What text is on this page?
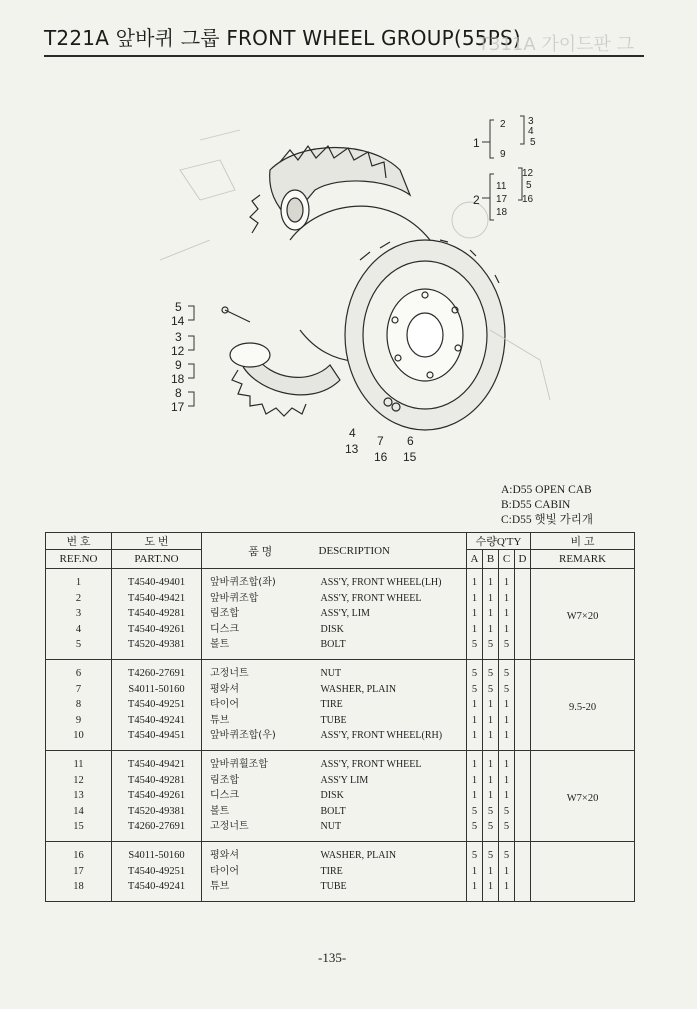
T221A 앞바퀴 그룹 FRONT WHEEL GROUP(55PS)
T311A 가이드판 그
5
14
3
12
9
18
8
17
4
13
7
16
6
15
1
2 3
4
5
9
2
11
12
5
17 16
18
A:D55 OPEN CAB
B:D55 CABIN
C:D55 햇빛 가리개
번 호	도 번	품 명	DESCRIPTION	수량Q'TY				비 고
REF.NO	PART.NO			A	B	C	D	REMARK
1	T4540-49401	앞바퀴조합(좌)	ASS'Y, FRONT WHEEL(LH)	1	1	1		W7×20
2	T4540-49421	앞바퀴조합	ASS'Y, FRONT WHEEL	1	1	1		
3	T4540-49281	림조합	ASS'Y, LIM	1	1	1		
4	T4540-49261	디스크	DISK	1	1	1		
5	T4520-49381	볼트	BOLT	5	5	5		
6	T4260-27691	고정너트	NUT	5	5	5		9.5-20
7	S4011-50160	평와셔	WASHER, PLAIN	5	5	5		
8	T4540-49251	타이어	TIRE	1	1	1		
9	T4540-49241	튜브	TUBE	1	1	1		
10	T4540-49451	앞바퀴조합(우)	ASS'Y, FRONT WHEEL(RH)	1	1	1		
11	T4540-49421	앞바퀴휠조합	ASS'Y, FRONT WHEEL	1	1	1		W7×20
12	T4540-49281	림조합	ASS'Y LIM	1	1	1		
13	T4540-49261	디스크	DISK	1	1	1		
14	T4520-49381	볼트	BOLT	5	5	5		
15	T4260-27691	고정너트	NUT	5	5	5		
16	S4011-50160	평와셔	WASHER, PLAIN	5	5	5		
17	T4540-49251	타이어	TIRE	1	1	1		
18	T4540-49241	튜브	TUBE	1	1	1		
-135-
